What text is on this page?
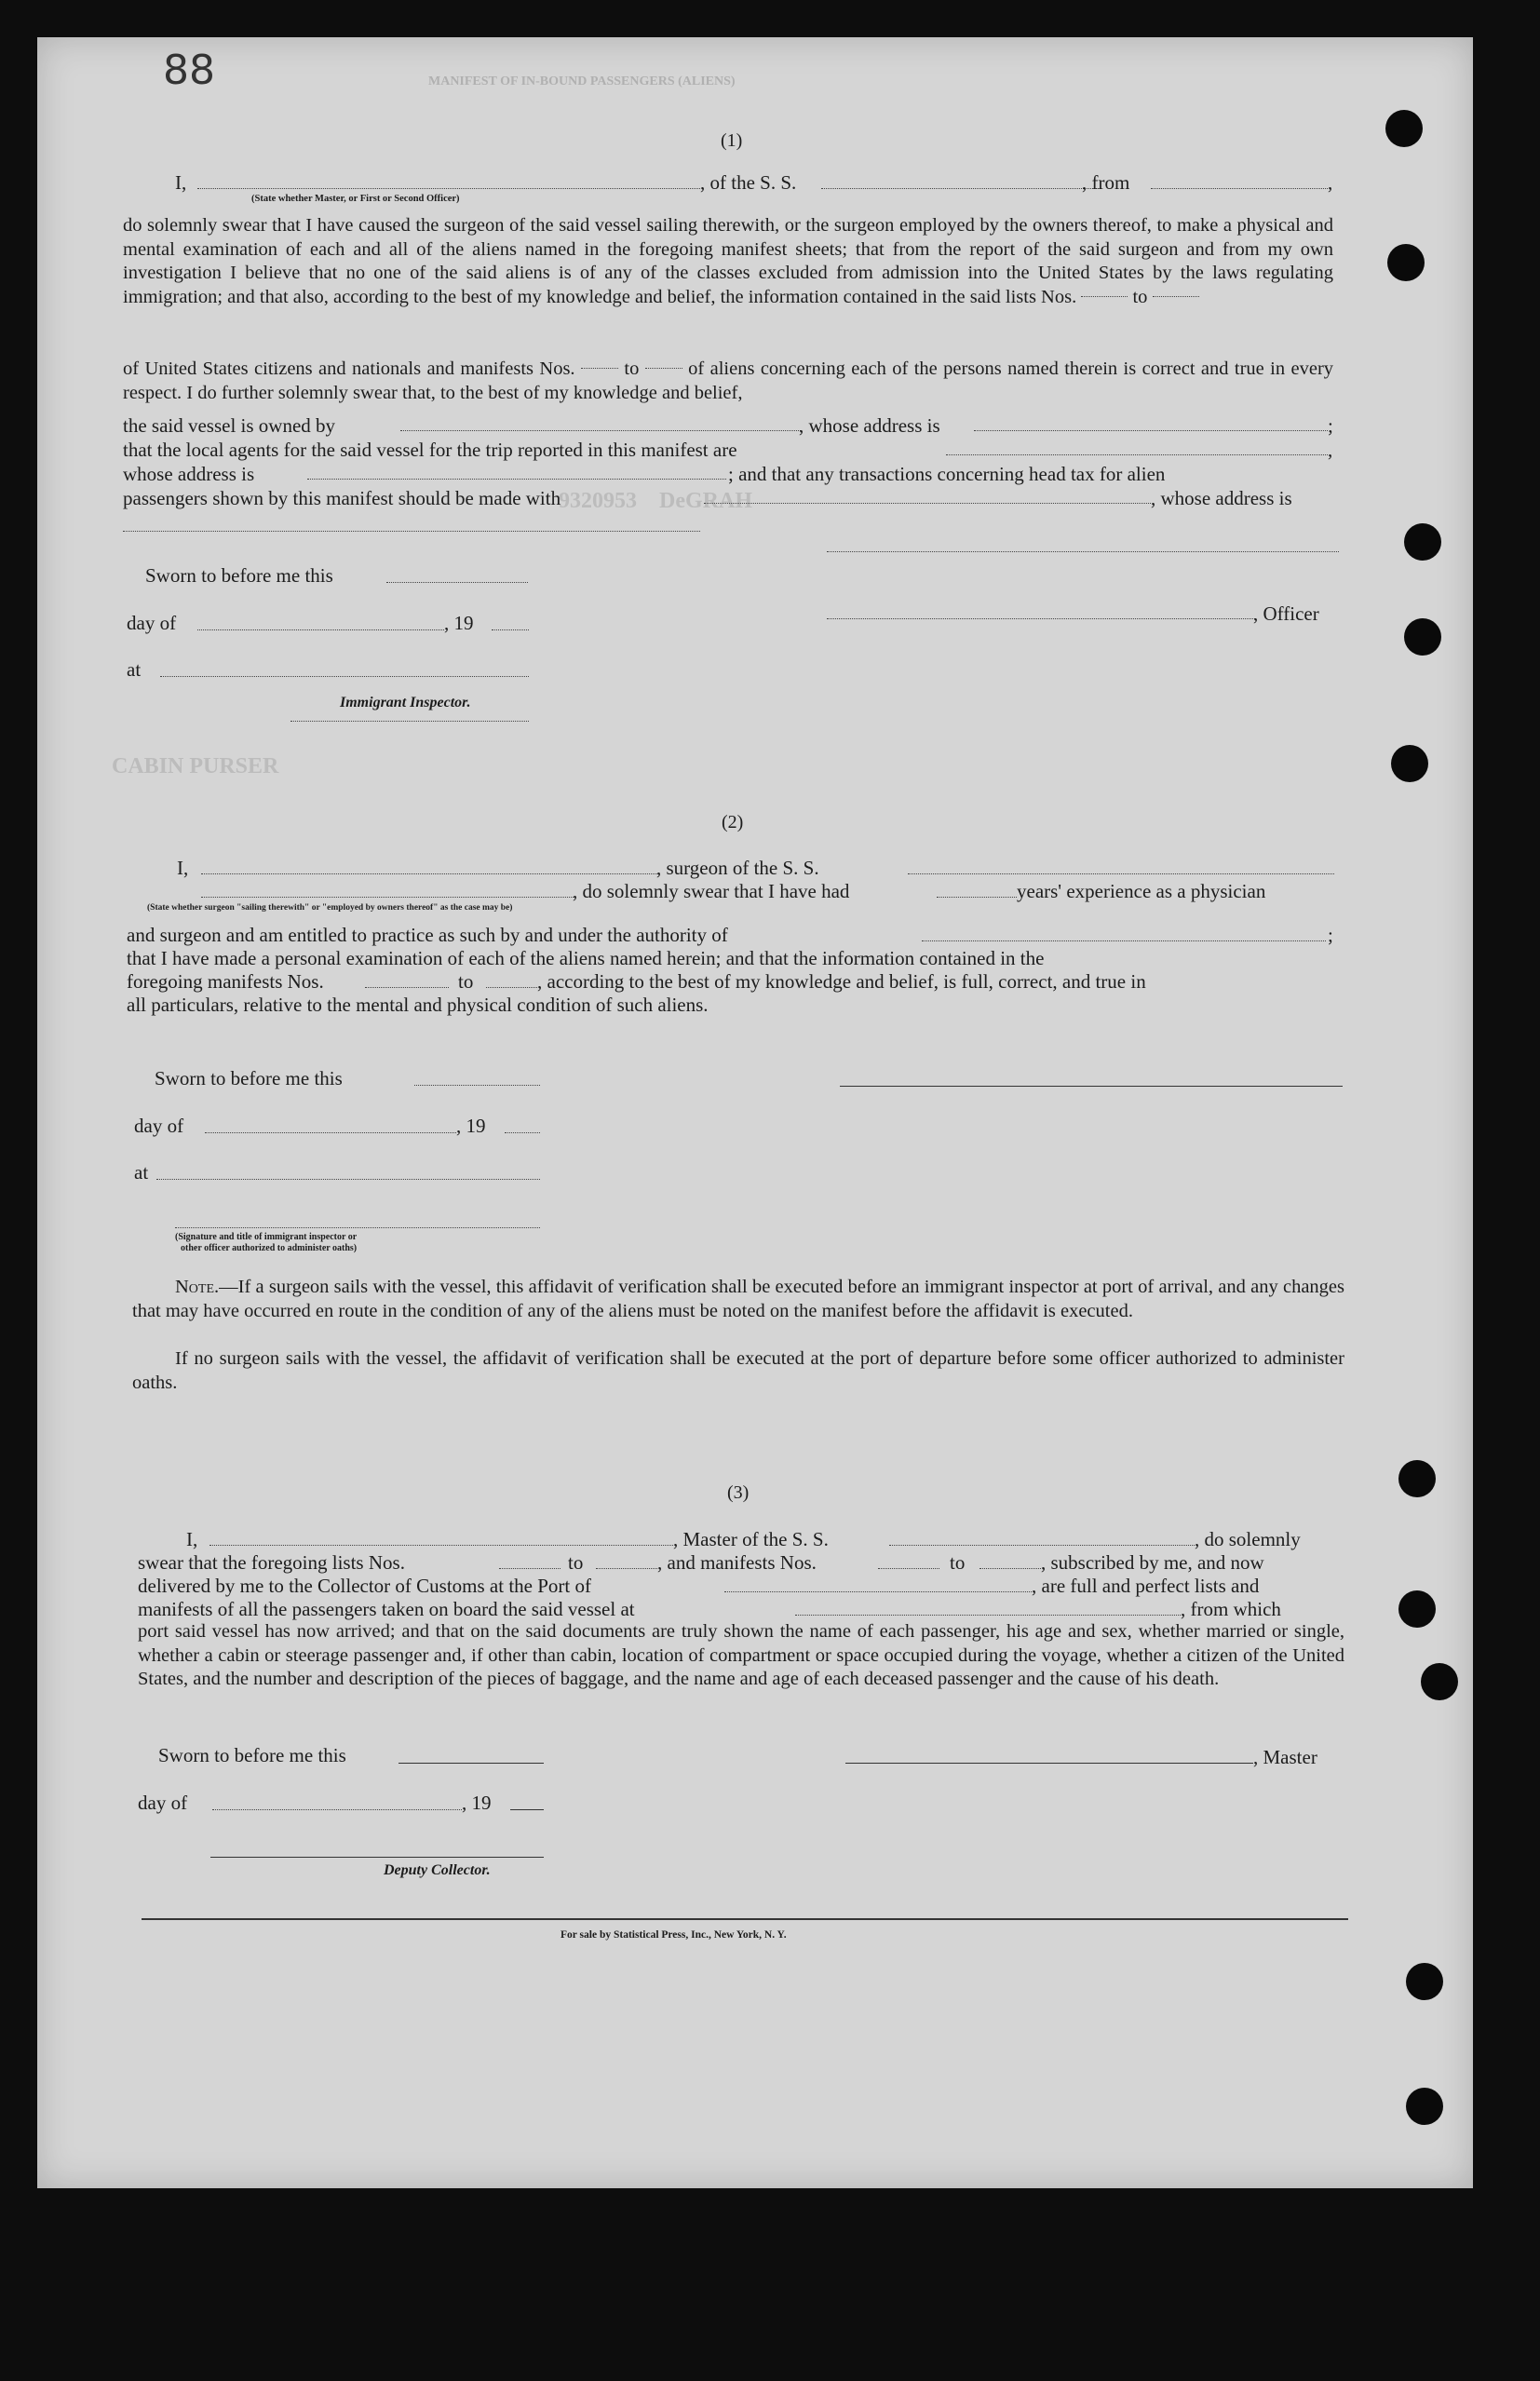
88	MANIFEST OF IN-BOUND PASSENGERS (ALIENS)
9320953    DeGRAH
CABIN PURSER
(1)
I,	, of the S. S.	, from	,
(State whether Master, or First or Second Officer)
do solemnly swear that I have caused the surgeon of the said vessel sailing therewith, or the surgeon employed by the owners thereof, to make a physical and mental examination of each and all of the aliens named in the foregoing manifest sheets; that from the report of the said surgeon and from my own investigation I believe that no one of the said aliens is of any of the classes excluded from admission into the United States by the laws regulating immigration; and that also, according to the best of my knowledge and belief, the information contained in the said lists Nos.	to
of United States citizens and nationals and manifests Nos.	to	of aliens concerning each of the persons named therein is correct and true in every respect. I do further solemnly swear that, to the best of my knowledge and belief,
the said vessel is owned by	, whose address is	;
that the local agents for the said vessel for the trip reported in this manifest are	,
whose address is	; and that any transactions concerning head tax for alien
passengers shown by this manifest should be made with	, whose address is
Sworn to before me this
day of	, 19	, Officer
at
Immigrant Inspector.
(2)
I,	, surgeon of the S. S.
, do solemnly swear that I have had	years' experience as a physician
(State whether surgeon "sailing therewith" or "employed by owners thereof" as the case may be)
and surgeon and am entitled to practice as such by and under the authority of	;
that I have made a personal examination of each of the aliens named herein; and that the information contained in the
foregoing manifests Nos.	to	, according to the best of my knowledge and belief, is full, correct, and true in
all particulars, relative to the mental and physical condition of such aliens.
Sworn to before me this
day of	, 19
at
(Signature and title of immigrant inspector or
other officer authorized to administer oaths)
Note.—If a surgeon sails with the vessel, this affidavit of verification shall be executed before an immigrant inspector at port of arrival, and any changes that may have occurred en route in the condition of any of the aliens must be noted on the manifest before the affidavit is executed.
If no surgeon sails with the vessel, the affidavit of verification shall be executed at the port of departure before some officer authorized to administer oaths.
(3)
I,	, Master of the S. S.	, do solemnly
swear that the foregoing lists Nos.	to	, and manifests Nos.	to	, subscribed by me, and now
delivered by me to the Collector of Customs at the Port of	, are full and perfect lists and
manifests of all the passengers taken on board the said vessel at	, from which
port said vessel has now arrived; and that on the said documents are truly shown the name of each passenger, his age and sex, whether married or single, whether a cabin or steerage passenger and, if other than cabin, location of compartment or space occupied during the voyage, whether a citizen of the United States, and the number and description of the pieces of baggage, and the name and age of each deceased passenger and the cause of his death.
Sworn to before me this	, Master
day of	, 19
Deputy Collector.
For sale by Statistical Press, Inc., New York, N. Y.
